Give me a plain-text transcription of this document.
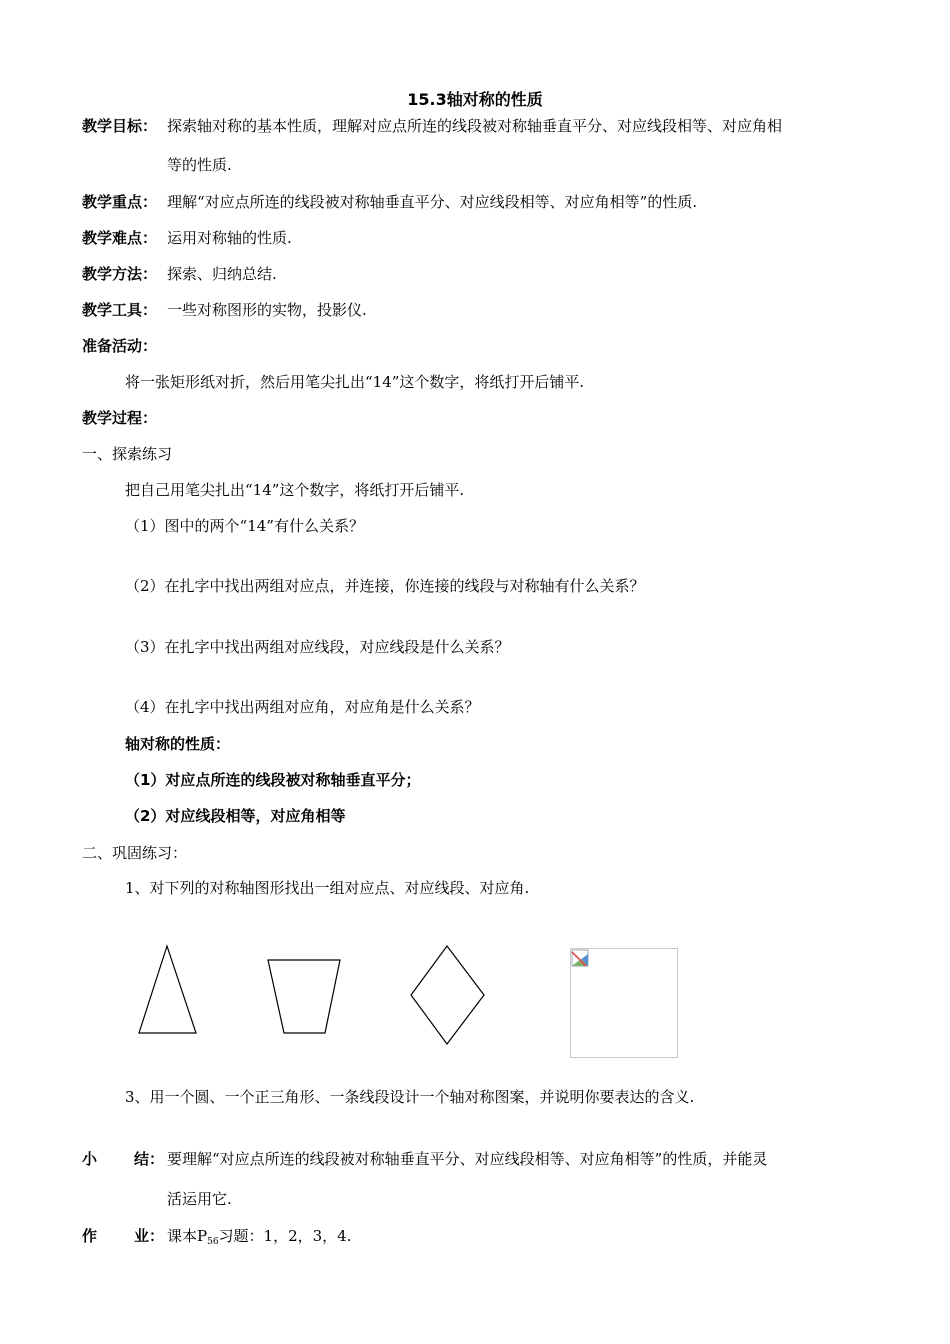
15.3轴对称的性质
教学目标： 探索轴对称的基本性质，理解对应点所连的线段被对称轴垂直平分、对应线段相等、对应角相
等的性质.
教学重点： 理解“对应点所连的线段被对称轴垂直平分、对应线段相等、对应角相等”的性质.
教学难点： 运用对称轴的性质.
教学方法： 探索、归纳总结.
教学工具： 一些对称图形的实物，投影仪.
准备活动：
将一张矩形纸对折，然后用笔尖扎出“14”这个数字，将纸打开后铺平.
教学过程：
一、探索练习
把自己用笔尖扎出“14”这个数字，将纸打开后铺平.
（1）图中的两个“14”有什么关系？
（2）在扎字中找出两组对应点，并连接，你连接的线段与对称轴有什么关系？
（3）在扎字中找出两组对应线段，对应线段是什么关系？
（4）在扎字中找出两组对应角，对应角是什么关系？
轴对称的性质：
（1）对应点所连的线段被对称轴垂直平分；
（2）对应线段相等，对应角相等
二、巩固练习：
1、对下列的对称轴图形找出一组对应点、对应线段、对应角.
3、用一个圆、一个正三角形、一条线段设计一个轴对称图案，并说明你要表达的含义.
小 结： 要理解“对应点所连的线段被对称轴垂直平分、对应线段相等、对应角相等”的性质，并能灵
活运用它.
作 业： 课本$P_{56}$习题：1，2，3，4.
